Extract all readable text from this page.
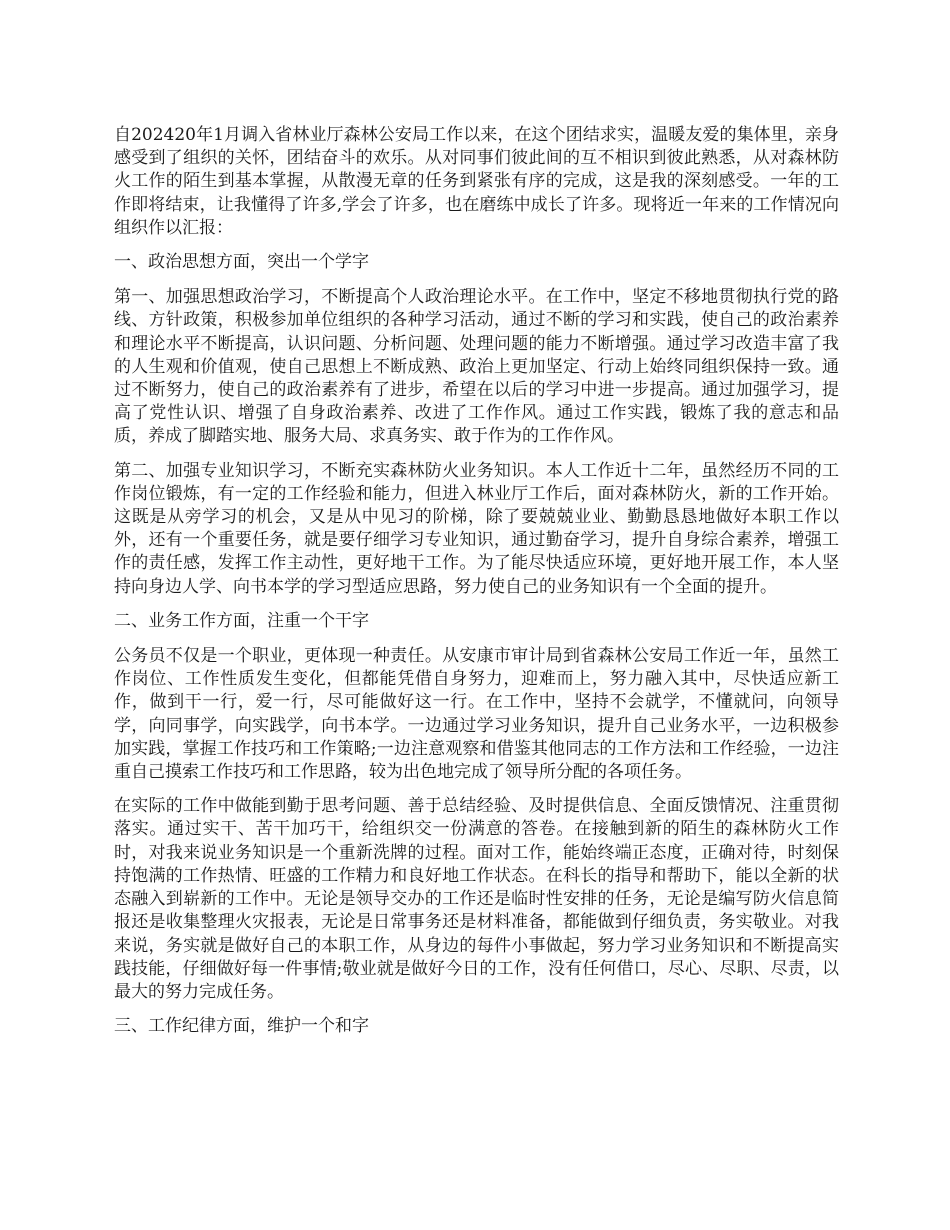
自202420年1月调入省林业厅森林公安局工作以来，在这个团结求实，温暖友爱的集体里，亲身感受到了组织的关怀，团结奋斗的欢乐。从对同事们彼此间的互不相识到彼此熟悉，从对森林防火工作的陌生到基本掌握，从散漫无章的任务到紧张有序的完成，这是我的深刻感受。一年的工作即将结束，让我懂得了许多,学会了许多，也在磨练中成长了许多。现将近一年来的工作情况向组织作以汇报：

一、政治思想方面，突出一个学字

第一、加强思想政治学习，不断提高个人政治理论水平。在工作中，坚定不移地贯彻执行党的路线、方针政策，积极参加单位组织的各种学习活动，通过不断的学习和实践，使自己的政治素养和理论水平不断提高，认识问题、分析问题、处理问题的能力不断增强。通过学习改造丰富了我的人生观和价值观，使自己思想上不断成熟、政治上更加坚定、行动上始终同组织保持一致。通过不断努力，使自己的政治素养有了进步，希望在以后的学习中进一步提高。通过加强学习，提高了党性认识、增强了自身政治素养、改进了工作作风。通过工作实践，锻炼了我的意志和品质，养成了脚踏实地、服务大局、求真务实、敢于作为的工作作风。

第二、加强专业知识学习，不断充实森林防火业务知识。本人工作近十二年，虽然经历不同的工作岗位锻炼，有一定的工作经验和能力，但进入林业厅工作后，面对森林防火，新的工作开始。这既是从旁学习的机会，又是从中见习的阶梯，除了要兢兢业业、勤勤恳恳地做好本职工作以外，还有一个重要任务，就是要仔细学习专业知识，通过勤奋学习，提升自身综合素养，增强工作的责任感，发挥工作主动性，更好地干工作。为了能尽快适应环境，更好地开展工作，本人坚持向身边人学、向书本学的学习型适应思路，努力使自己的业务知识有一个全面的提升。

二、业务工作方面，注重一个干字

公务员不仅是一个职业，更体现一种责任。从安康市审计局到省森林公安局工作近一年，虽然工作岗位、工作性质发生变化，但都能凭借自身努力，迎难而上，努力融入其中，尽快适应新工作，做到干一行，爱一行，尽可能做好这一行。在工作中，坚持不会就学，不懂就问，向领导学，向同事学，向实践学，向书本学。一边通过学习业务知识，提升自己业务水平，一边积极参加实践，掌握工作技巧和工作策略;一边注意观察和借鉴其他同志的工作方法和工作经验，一边注重自己摸索工作技巧和工作思路，较为出色地完成了领导所分配的各项任务。

在实际的工作中做能到勤于思考问题、善于总结经验、及时提供信息、全面反馈情况、注重贯彻落实。通过实干、苦干加巧干，给组织交一份满意的答卷。在接触到新的陌生的森林防火工作时，对我来说业务知识是一个重新洗牌的过程。面对工作，能始终端正态度，正确对待，时刻保持饱满的工作热情、旺盛的工作精力和良好地工作状态。在科长的指导和帮助下，能以全新的状态融入到崭新的工作中。无论是领导交办的工作还是临时性安排的任务，无论是编写防火信息简报还是收集整理火灾报表，无论是日常事务还是材料准备，都能做到仔细负责，务实敬业。对我来说，务实就是做好自己的本职工作，从身边的每件小事做起，努力学习业务知识和不断提高实践技能，仔细做好每一件事情;敬业就是做好今日的工作，没有任何借口，尽心、尽职、尽责，以最大的努力完成任务。

三、工作纪律方面，维护一个和字
